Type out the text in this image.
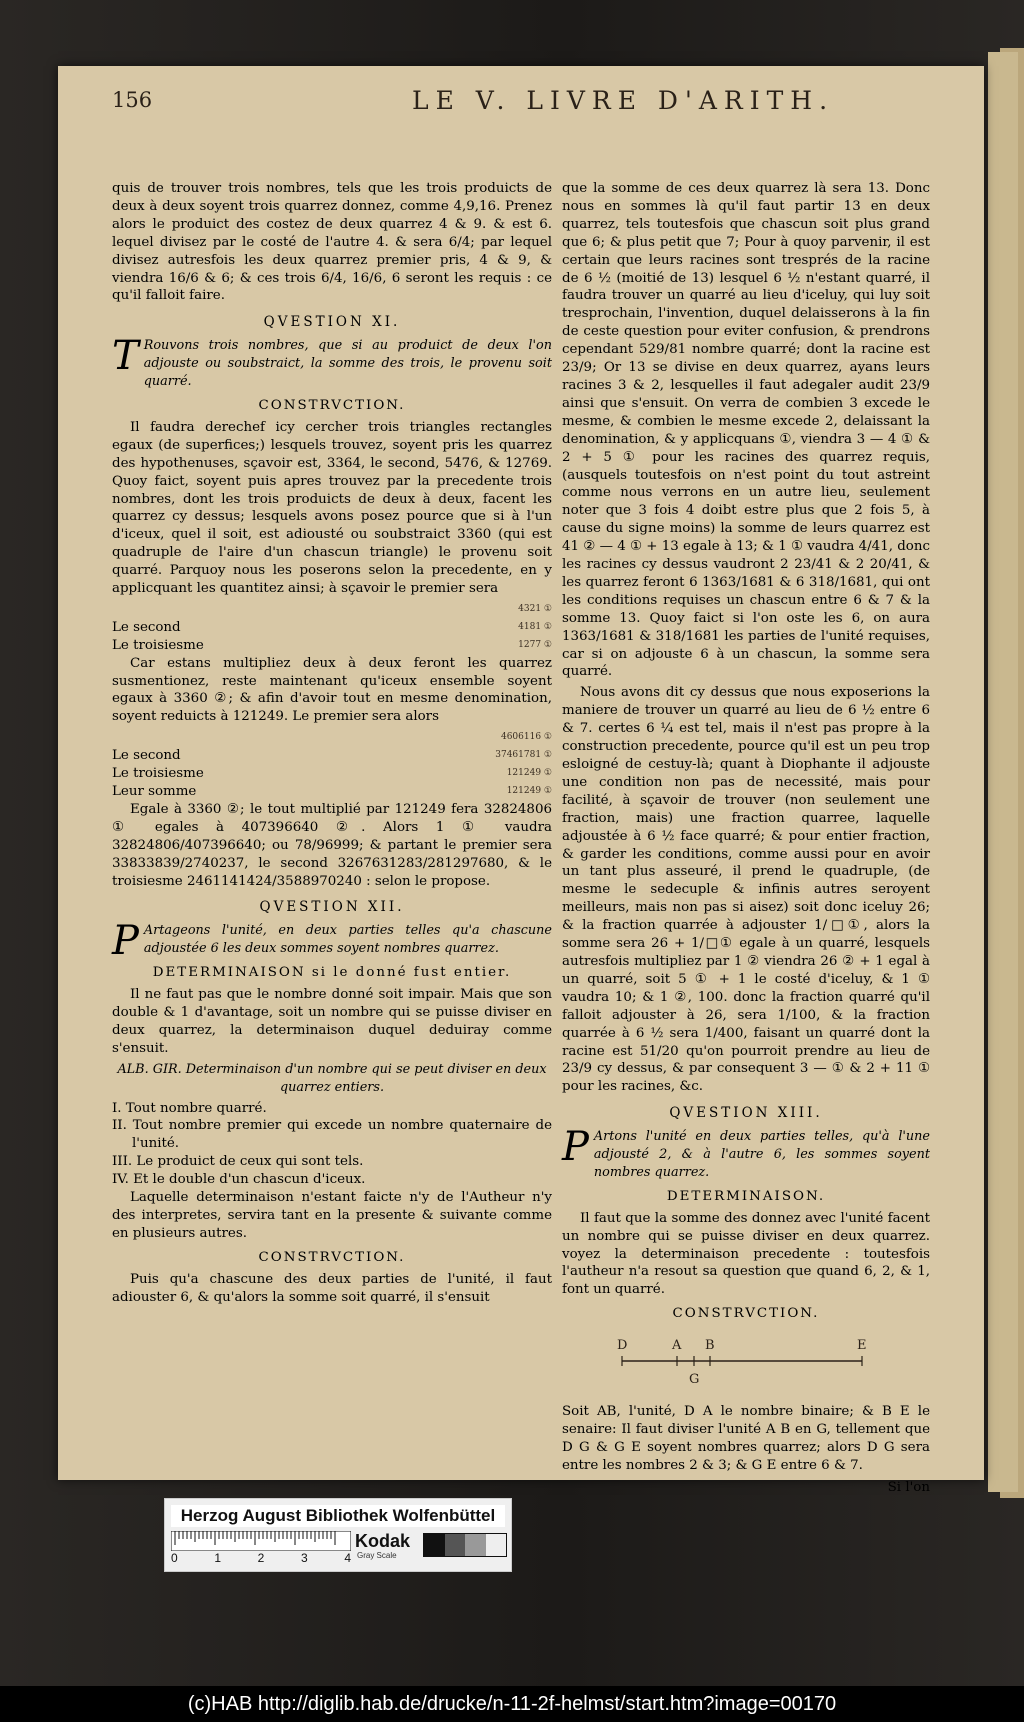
156	LE V. LIVRE D'ARITH.

quis de trouver trois nombres, tels que les trois produicts de deux à deux soyent trois quarrez donnez, comme 4,9,16. Prenez alors le produict des costez de deux quarrez 4 & 9. & est 6. lequel divisez par le costé de l'autre 4. & sera 6/4; par lequel divisez autresfois les deux quarrez premier pris, 4 & 9, & viendra 16/6 & 6; & ces trois 6/4, 16/6, 6 seront les requis : ce qu'il falloit faire.

QVESTION XI.

T Rouvons trois nombres, que si au produict de deux l'on adjouste ou soubstraict, la somme des trois, le provenu soit quarré.

CONSTRVCTION.

Il faudra derechef icy cercher trois triangles rectangles egaux (de superfices;) lesquels trouvez, soyent pris les quarrez des hypothenuses, sçavoir est, 3364, le second, 5476, & 12769. Quoy faict, soyent puis apres trouvez par la precedente trois nombres, dont les trois produicts de deux à deux, facent les quarrez cy dessus; lesquels avons posez pource que si à l'un d'iceux, quel il soit, est adiousté ou soubstraict 3360 (qui est quadruple de l'aire d'un chascun triangle) le provenu soit quarré. Parquoy nous les poserons selon la precedente, en y applicquant les quantitez ainsi; à sçavoir le premier sera

4321 ①
Le second	4181 ①
Le troisiesme	1277 ①

Car estans multipliez deux à deux feront les quarrez susmentionez, reste maintenant qu'iceux ensemble soyent egaux à 3360 ②; & afin d'avoir tout en mesme denomination, soyent reduicts à 121249. Le premier sera alors

4606116 ①
Le second	37461781 ①
Le troisiesme	121249 ①
Leur somme	121249 ①

Egale à 3360 ②; le tout multiplié par 121249 fera 32824806 ① egales à 407396640 ②. Alors 1 ① vaudra 32824806/407396640; ou 78/96999; & partant le premier sera 33833839/2740237, le second 3267631283/281297680, & le troisiesme 2461141424/3588970240 : selon le propose.

QVESTION XII.

P Artageons l'unité, en deux parties telles qu'a chascune adjoustée 6 les deux sommes soyent nombres quarrez.

DETERMINAISON si le donné fust entier.

Il ne faut pas que le nombre donné soit impair. Mais que son double & 1 d'avantage, soit un nombre qui se puisse diviser en deux quarrez, la determinaison duquel deduiray comme s'ensuit.

ALB. GIR. Determinaison d'un nombre qui se peut diviser en deux quarrez entiers.

I. Tout nombre quarré.

II. Tout nombre premier qui excede un nombre quaternaire de l'unité.

III. Le produict de ceux qui sont tels.

IV. Et le double d'un chascun d'iceux.

Laquelle determinaison n'estant faicte n'y de l'Autheur n'y des interpretes, servira tant en la presente & suivante comme en plusieurs autres.

CONSTRVCTION.

Puis qu'a chascune des deux parties de l'unité, il faut adiouster 6, & qu'alors la somme soit quarré, il s'ensuit

que la somme de ces deux quarrez là sera 13. Donc nous en sommes là qu'il faut partir 13 en deux quarrez, tels toutesfois que chascun soit plus grand que 6; & plus petit que 7; Pour à quoy parvenir, il est certain que leurs racines sont tresprés de la racine de 6 ½ (moitié de 13) lesquel 6 ½ n'estant quarré, il faudra trouver un quarré au lieu d'iceluy, qui luy soit tresprochain, l'invention, duquel delaisserons à la fin de ceste question pour eviter confusion, & prendrons cependant 529/81 nombre quarré; dont la racine est 23/9; Or 13 se divise en deux quarrez, ayans leurs racines 3 & 2, lesquelles il faut adegaler audit 23/9 ainsi que s'ensuit. On verra de combien 3 excede le mesme, & combien le mesme excede 2, delaissant la denomination, & y applicquans ①, viendra 3 — 4 ① & 2 + 5 ① pour les racines des quarrez requis, (ausquels toutesfois on n'est point du tout astreint comme nous verrons en un autre lieu, seulement noter que 3 fois 4 doibt estre plus que 2 fois 5, à cause du signe moins) la somme de leurs quarrez est 41 ② — 4 ① + 13 egale à 13; & 1 ① vaudra 4/41, donc les racines cy dessus vaudront 2 23/41 & 2 20/41, & les quarrez feront 6 1363/1681 & 6 318/1681, qui ont les conditions requises un chascun entre 6 & 7 & la somme 13. Quoy faict si l'on oste les 6, on aura 1363/1681 & 318/1681 les parties de l'unité requises, car si on adjouste 6 à un chascun, la somme sera quarré.

Nous avons dit cy dessus que nous exposerions la maniere de trouver un quarré au lieu de 6 ½ entre 6 & 7. certes 6 ¼ est tel, mais il n'est pas propre à la construction precedente, pource qu'il est un peu trop esloigné de cestuy-là; quant à Diophante il adjouste une condition non pas de necessité, mais pour facilité, à sçavoir de trouver (non seulement une fraction, mais) une fraction quarree, laquelle adjoustée à 6 ½ face quarré; & pour entier fraction, & garder les conditions, comme aussi pour en avoir un tant plus asseuré, il prend le quadruple, (de mesme le sedecuple & infinis autres seroyent meilleurs, mais non pas si aisez) soit donc iceluy 26; & la fraction quarrée à adjouster 1/□①, alors la somme sera 26 + 1/□① egale à un quarré, lesquels autresfois multipliez par 1 ② viendra 26 ② + 1 egal à un quarré, soit 5 ① + 1 le costé d'iceluy, & 1 ① vaudra 10; & 1 ②, 100. donc la fraction quarré qu'il falloit adjouster à 26, sera 1/100, & la fraction quarrée à 6 ½ sera 1/400, faisant un quarré dont la racine est 51/20 qu'on pourroit prendre au lieu de 23/9 cy dessus, & par consequent 3 — ① & 2 + 11 ① pour les racines, &c.

QVESTION XIII.

P Artons l'unité en deux parties telles, qu'à l'une adjousté 2, & à l'autre 6, les sommes soyent nombres quarrez.

DETERMINAISON.

Il faut que la somme des donnez avec l'unité facent un nombre qui se puisse diviser en deux quarrez. voyez la determinaison precedente : toutesfois l'autheur n'a resout sa question que quand 6, 2, & 1, font un quarré.

CONSTRVCTION.
D	A B	E
G

Soit AB, l'unité, D A le nombre binaire; & B E le senaire: Il faut diviser l'unité A B en G, tellement que D G & G E soyent nombres quarrez; alors D G sera entre les nombres 2 & 3; & G E entre 6 & 7.

Si l'on
Herzog August Bibliothek Wolfenbüttel
0	1	2	3	4
Kodak
Gray Scale
(c)HAB http://diglib.hab.de/drucke/n-11-2f-helmst/start.htm?image=00170
